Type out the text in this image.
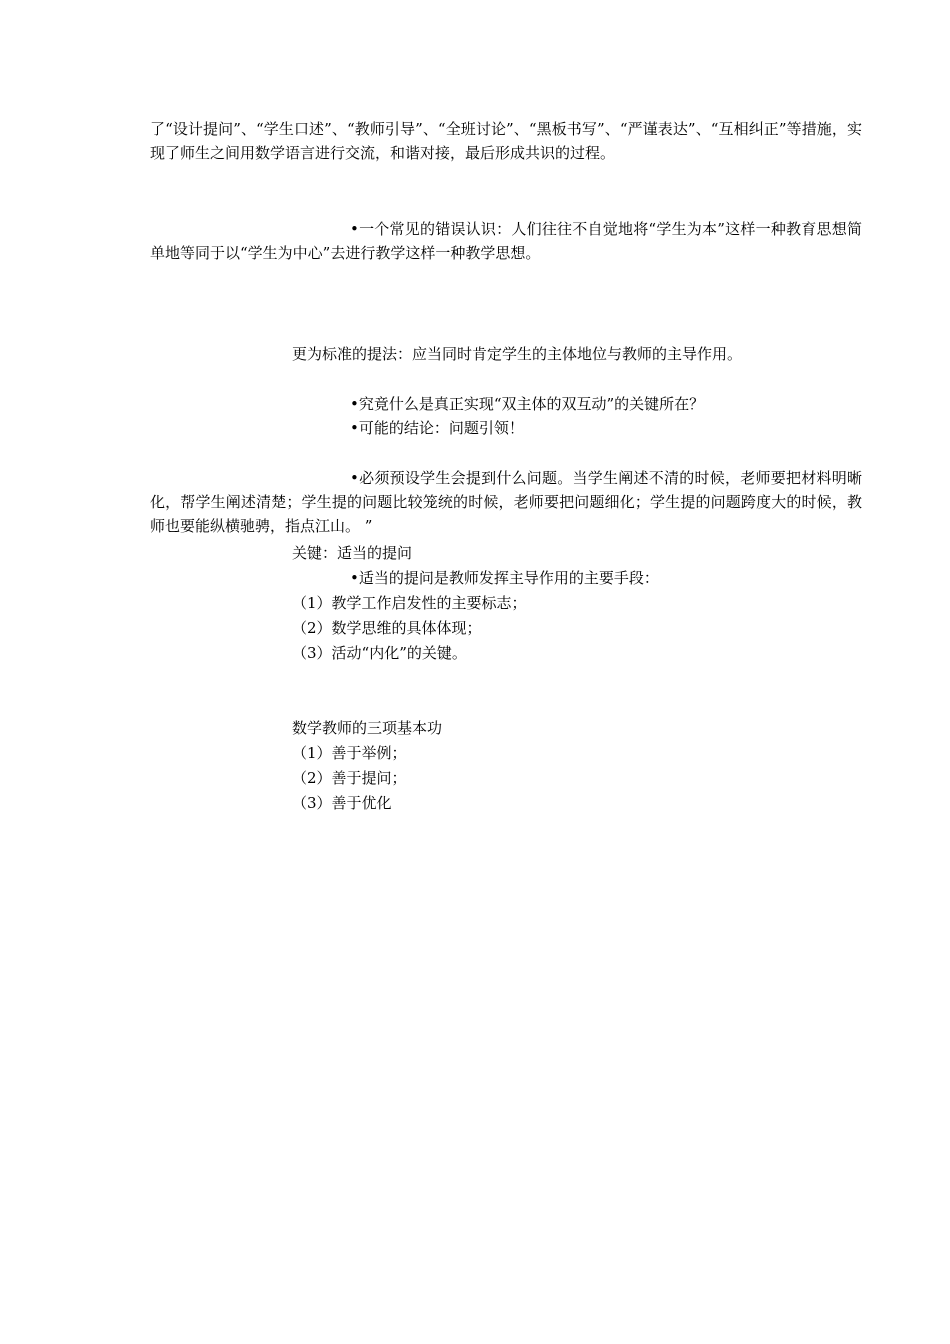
了“设计提问”、“学生口述”、“教师引导”、“全班讨论”、“黑板书写”、“严谨表达”、“互相纠正”等措施，实现了师生之间用数学语言进行交流，和谐对接，最后形成共识的过程。

•一个常见的错误认识：人们往往不自觉地将“学生为本”这样一种教育思想简单地等同于以“学生为中心”去进行教学这样一种教学思想。

更为标准的提法：应当同时肯定学生的主体地位与教师的主导作用。

•究竟什么是真正实现“双主体的双互动”的关键所在？

•可能的结论：问题引领！

•必须预设学生会提到什么问题。当学生阐述不清的时候，老师要把材料明晰化，帮学生阐述清楚；学生提的问题比较笼统的时候，老师要把问题细化；学生提的问题跨度大的时候，教师也要能纵横驰骋，指点江山。 ”

关键：适当的提问

•适当的提问是教师发挥主导作用的主要手段：

（1）教学工作启发性的主要标志；

（2）数学思维的具体体现；

（3）活动“内化”的关键。

数学教师的三项基本功

（1）善于举例；

（2）善于提问；

（3）善于优化
